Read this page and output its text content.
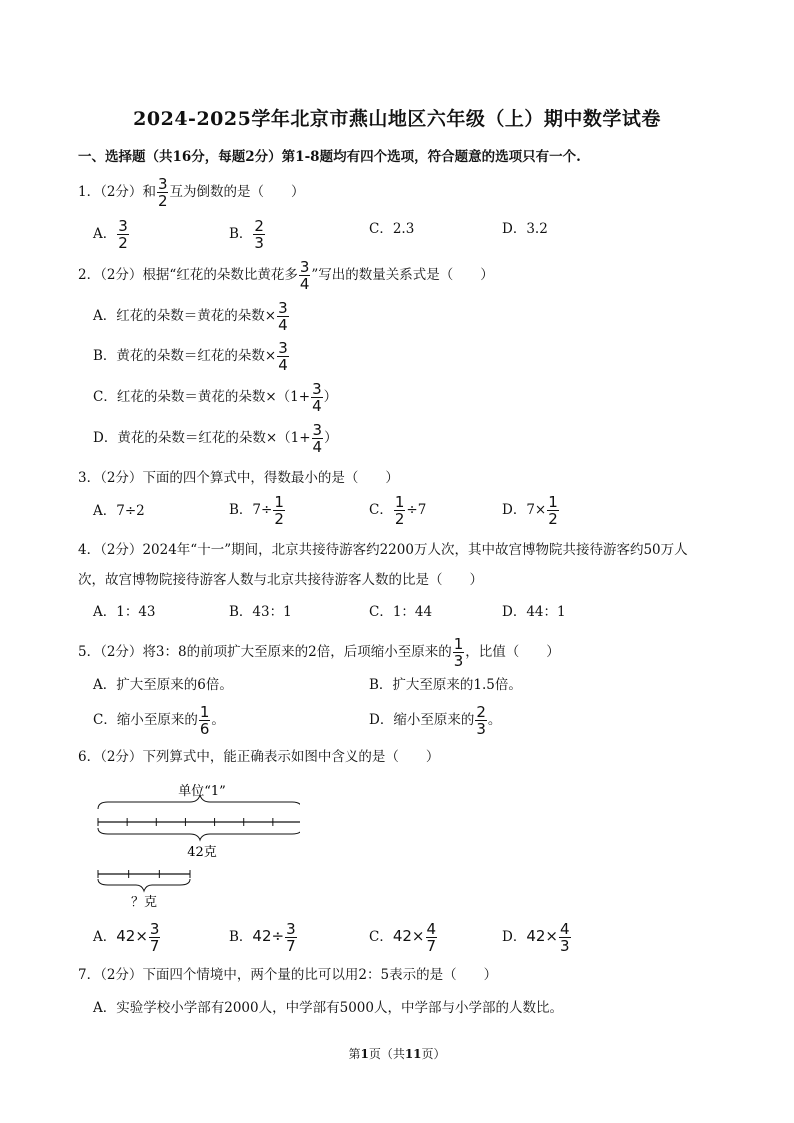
2024-2025学年北京市燕山地区六年级（上）期中数学试卷
一、选择题（共16分，每题2分）第1-8题均有四个选项，符合题意的选项只有一个.
1．（2分）和 $\frac{3}{2}$ 互为倒数的是（　　）
A． $\frac{3}{2}$	B． $\frac{2}{3}$	C．2.3	D．3.2
2．（2分）根据“红花的朵数比黄花多 $\frac{3}{4}$ ”写出的数量关系式是（　　）
A．红花的朵数＝黄花的朵数× $\frac{3}{4}$
B．黄花的朵数＝红花的朵数× $\frac{3}{4}$
C．红花的朵数＝黄花的朵数$\times(1+ \frac{3}{4}$ ）
D．黄花的朵数＝红花的朵数$\times(1+ \frac{3}{4}$ ）
3．（2分）下面的四个算式中，得数最小的是（　　）
A．7÷2	B．$7\div \frac{1}{2}$	C． $\frac{1}{2} \div 7$	D．$7\times \frac{1}{2}$
4．（2分）2024年“十一”期间，北京共接待游客约2200万人次，其中故宫博物院共接待游客约50万人
次，故宫博物院接待游客人数与北京共接待游客人数的比是（　　）
A．1：43	B．43：1	C．1：44	D．44：1
5．（2分）将3：8的前项扩大至原来的2倍，后项缩小至原来的 $\frac{1}{3}$ ，比值（　　）
A．扩大至原来的6倍。	B．扩大至原来的1.5倍。
C．缩小至原来的 $\frac{1}{6}$ 。	D．缩小至原来的 $\frac{2}{3}$ 。
6．（2分）下列算式中，能正确表示如图中含义的是（　　）
单位“1”
42克
？克
A．$42\times \frac{3}{7}$	B．$42\div \frac{3}{7}$	C．$42\times \frac{4}{7}$	D．$42\times \frac{4}{3}$
7．（2分）下面四个情境中，两个量的比可以用2：5表示的是（　　）
A．实验学校小学部有2000人，中学部有5000人，中学部与小学部的人数比。
第1页（共11页）
